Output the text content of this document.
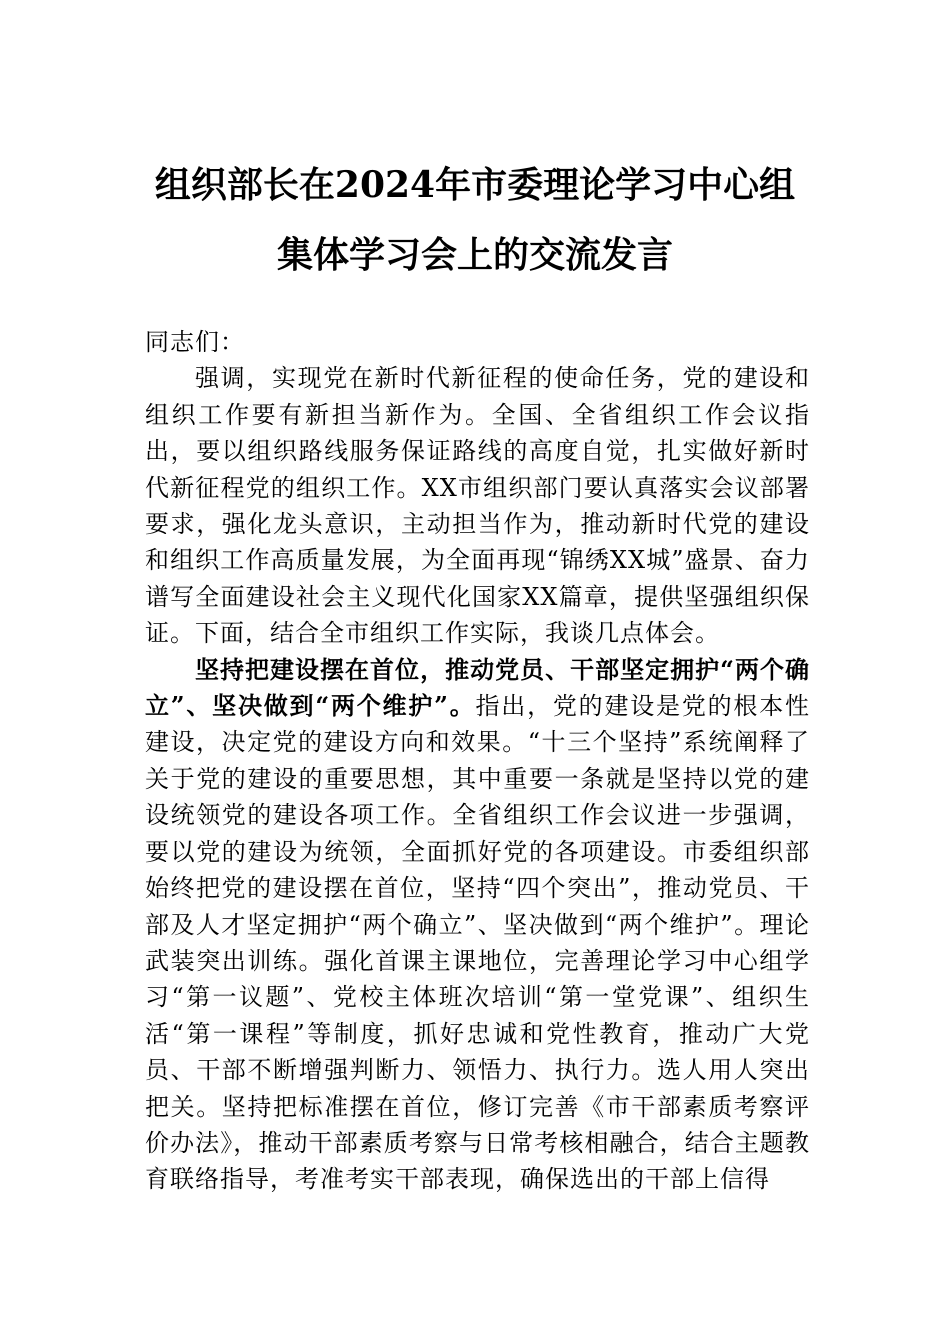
组织部长在2024年市委理论学习中心组集体学习会上的交流发言

同志们：

强调，实现党在新时代新征程的使命任务，党的建设和组织工作要有新担当新作为。全国、全省组织工作会议指出，要以组织路线服务保证路线的高度自觉，扎实做好新时代新征程党的组织工作。XX市组织部门要认真落实会议部署要求，强化龙头意识，主动担当作为，推动新时代党的建设和组织工作高质量发展，为全面再现“锦绣XX城”盛景、奋力谱写全面建设社会主义现代化国家XX篇章，提供坚强组织保证。下面，结合全市组织工作实际，我谈几点体会。

坚持把建设摆在首位，推动党员、干部坚定拥护“两个确立”、坚决做到“两个维护”。指出，党的建设是党的根本性建设，决定党的建设方向和效果。“十三个坚持”系统阐释了关于党的建设的重要思想，其中重要一条就是坚持以党的建设统领党的建设各项工作。全省组织工作会议进一步强调，要以党的建设为统领，全面抓好党的各项建设。市委组织部始终把党的建设摆在首位，坚持“四个突出”，推动党员、干部及人才坚定拥护“两个确立”、坚决做到“两个维护”。理论武装突出训练。强化首课主课地位，完善理论学习中心组学习“第一议题”、党校主体班次培训“第一堂党课”、组织生活“第一课程”等制度，抓好忠诚和党性教育，推动广大党员、干部不断增强判断力、领悟力、执行力。选人用人突出把关。坚持把标准摆在首位，修订完善《市干部素质考察评价办法》，推动干部素质考察与日常考核相融合，结合主题教育联络指导，考准考实干部表现，确保选出的干部上信得
